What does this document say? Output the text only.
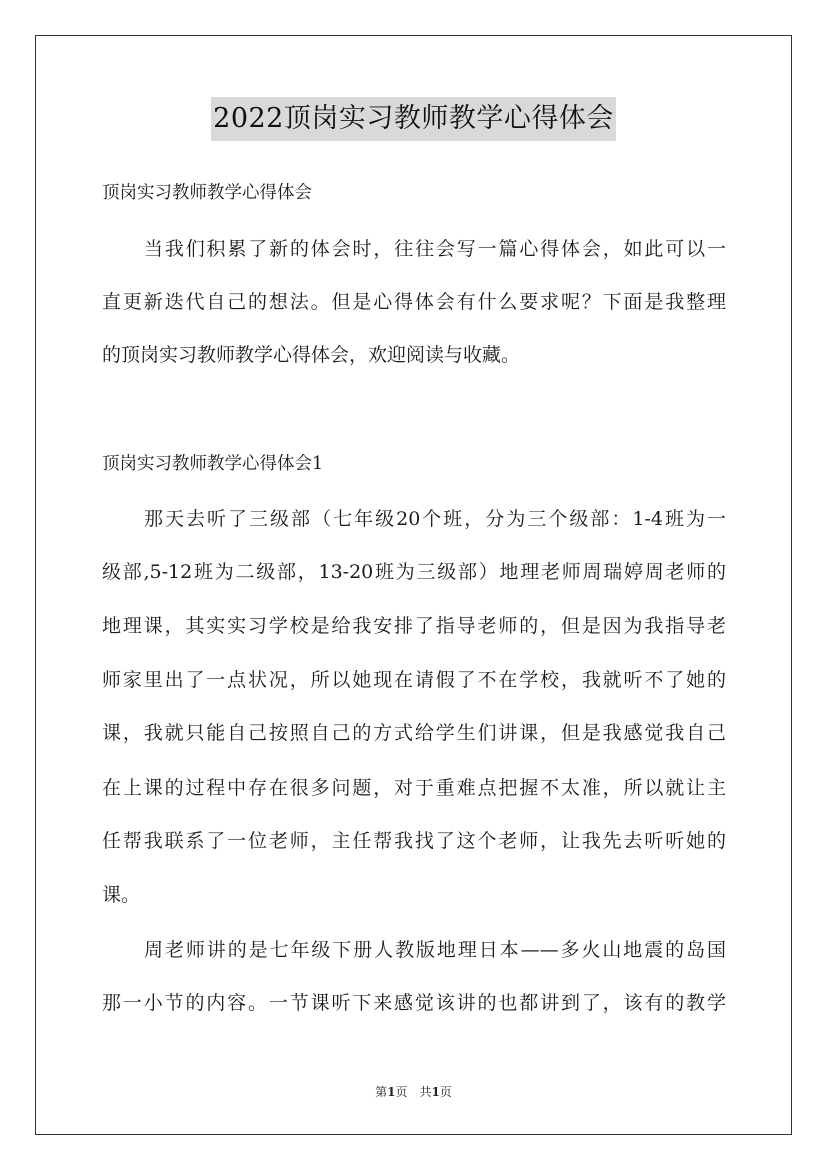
2022顶岗实习教师教学心得体会
顶岗实习教师教学心得体会
当我们积累了新的体会时，往往会写一篇心得体会，如此可以一
直更新迭代自己的想法。但是心得体会有什么要求呢？下面是我整理
的顶岗实习教师教学心得体会，欢迎阅读与收藏。
顶岗实习教师教学心得体会1
那天去听了三级部（七年级20个班，分为三个级部：1-4班为一
级部,5-12班为二级部，13-20班为三级部）地理老师周瑞婷周老师的
地理课，其实实习学校是给我安排了指导老师的，但是因为我指导老
师家里出了一点状况，所以她现在请假了不在学校，我就听不了她的
课，我就只能自己按照自己的方式给学生们讲课，但是我感觉我自己
在上课的过程中存在很多问题，对于重难点把握不太准，所以就让主
任帮我联系了一位老师，主任帮我找了这个老师，让我先去听听她的
课。
周老师讲的是七年级下册人教版地理日本——多火山地震的岛国
那一小节的内容。一节课听下来感觉该讲的也都讲到了，该有的教学
第1页　共1页
